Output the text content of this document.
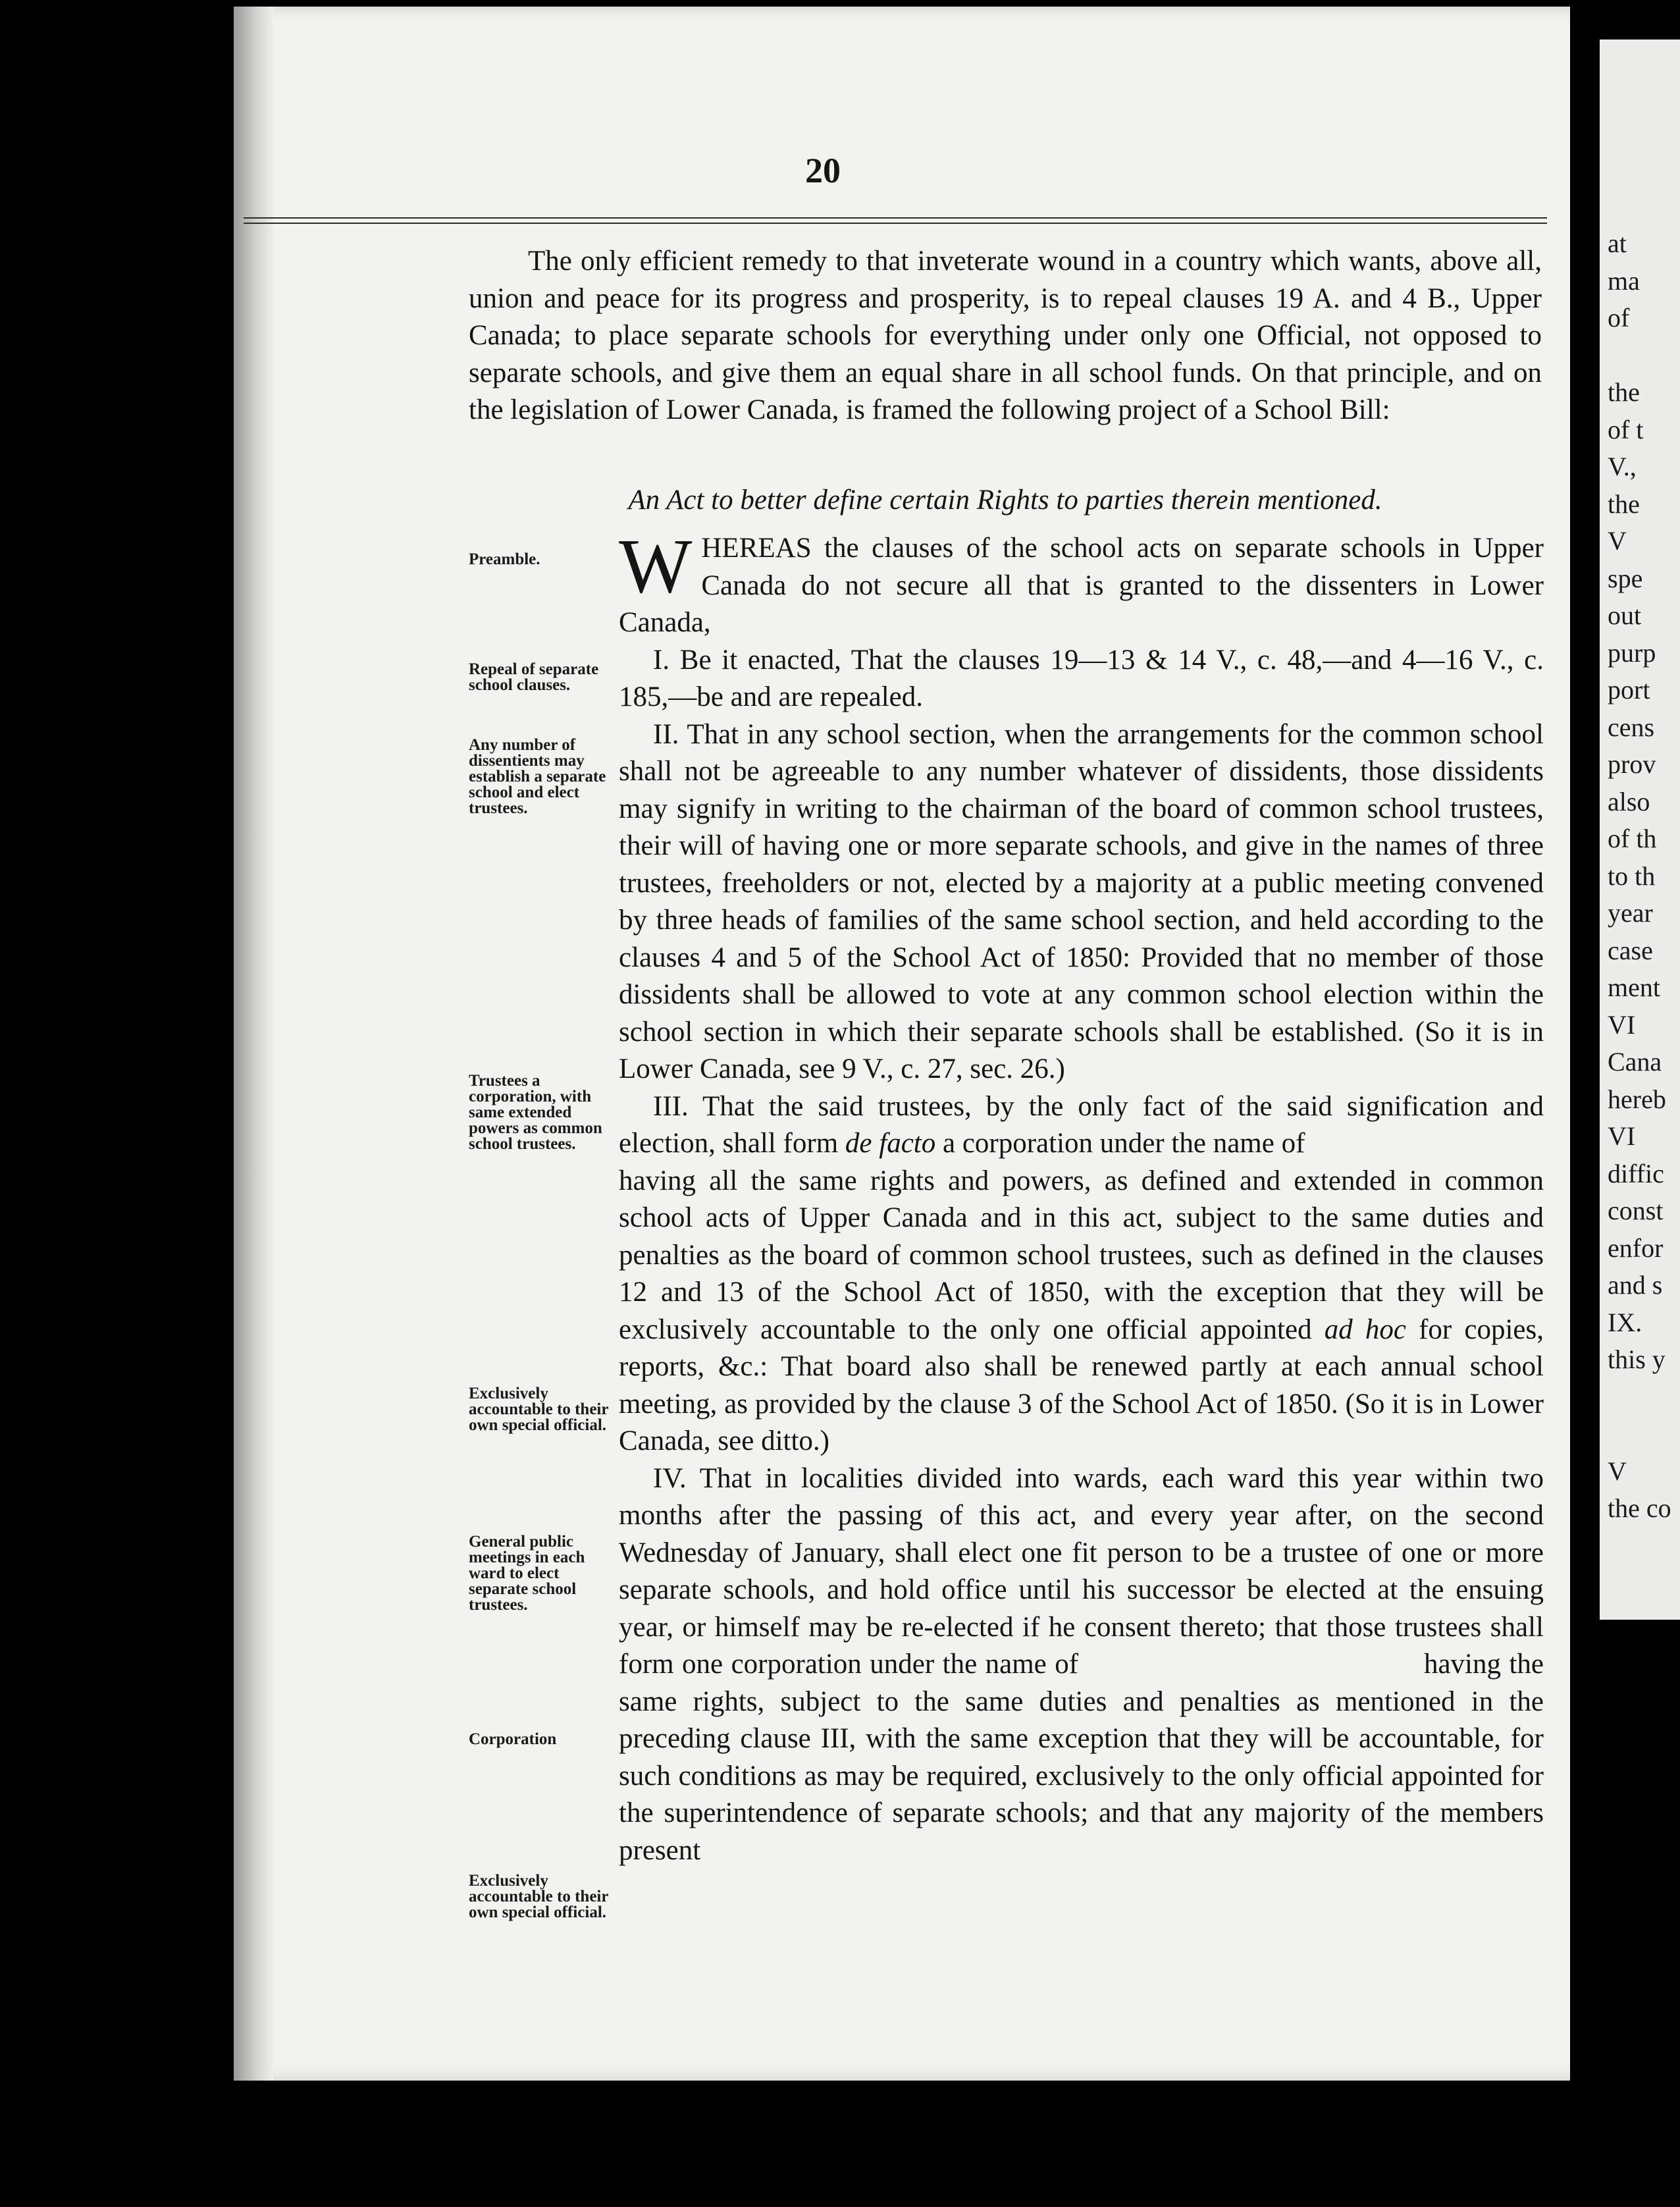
20
The only efficient remedy to that inveterate wound in a country which wants, above all, union and peace for its progress and prosperity, is to repeal clauses 19 A. and 4 B., Upper Canada; to place separate schools for everything under only one Official, not opposed to separate schools, and give them an equal share in all school funds. On that principle, and on the legislation of Lower Canada, is framed the following project of a School Bill:
An Act to better define certain Rights to parties therein mentioned.
Preamble.
Repeal of separate school clauses.
Any number of dissentients may establish a separate school and elect trustees.
Trustees a corporation, with same extended powers as common school trustees.
Exclusively accountable to their own special official.
General public meetings in each ward to elect separate school trustees.
Corporation
Exclusively accountable to their own special official.

WHEREAS the clauses of the school acts on separate schools in Upper Canada do not secure all that is granted to the dissenters in Lower Canada,

I. Be it enacted, That the clauses 19—13 & 14 V., c. 48,—and 4—16 V., c. 185,—be and are repealed.

II. That in any school section, when the arrangements for the common school shall not be agreeable to any number whatever of dissidents, those dissidents may signify in writing to the chairman of the board of common school trustees, their will of having one or more separate schools, and give in the names of three trustees, freeholders or not, elected by a majority at a public meeting convened by three heads of families of the same school section, and held according to the clauses 4 and 5 of the School Act of 1850: Provided that no member of those dissidents shall be allowed to vote at any common school election within the school section in which their separate schools shall be established. (So it is in Lower Canada, see 9 V., c. 27, sec. 26.)

III. That the said trustees, by the only fact of the said signification and election, shall form de facto a corporation under the name of
having all the same rights and powers, as defined and extended in common school acts of Upper Canada and in this act, subject to the same duties and penalties as the board of common school trustees, such as defined in the clauses 12 and 13 of the School Act of 1850, with the exception that they will be exclusively accountable to the only one official appointed ad hoc for copies, reports, &c.: That board also shall be renewed partly at each annual school meeting, as provided by the clause 3 of the School Act of 1850. (So it is in Lower Canada, see ditto.)

IV. That in localities divided into wards, each ward this year within two months after the passing of this act, and every year after, on the second Wednesday of January, shall elect one fit person to be a trustee of one or more separate schools, and hold office until his successor be elected at the ensuing year, or himself may be re-elected if he consent thereto; that those trustees shall form one corporation under the name of	having the same rights, subject to the same duties and penalties as mentioned in the preceding clause III, with the same exception that they will be accountable, for such conditions as may be required, exclusively to the only official appointed for the superintendence of separate schools; and that any majority of the members present

at
ma
of
the
of t
V.,
the
V
spe
out
purp
port
cens
prov
also
of th
to th
year
case
ment
VI
Cana
hereb
VI
diffic
const
enfor
and s
IX.
this y
V
the co
